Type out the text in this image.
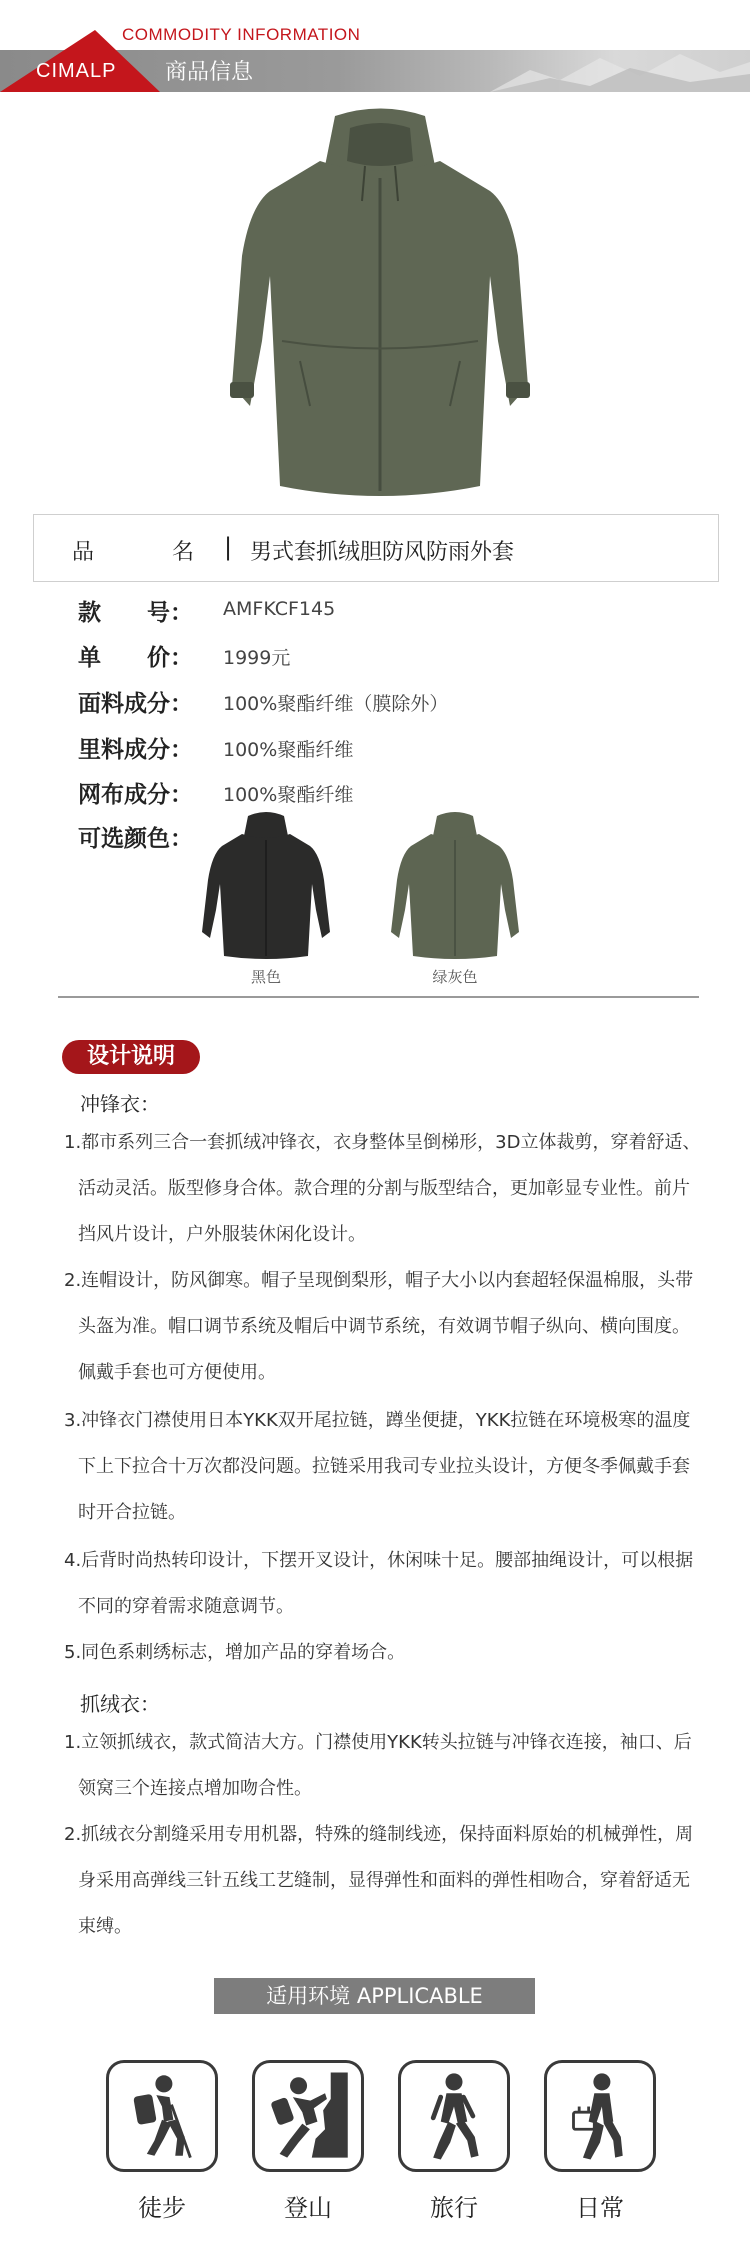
COMMODITY INFORMATION
CIMALP 商品信息
品　名 | 男式套抓绒胆防风防雨外套
款　　号：	AMFKCF145
单　　价：	1999元
面料成分：	100%聚酯纤维（膜除外）
里料成分：	100%聚酯纤维
网布成分：	100%聚酯纤维
可选颜色：
黑色	绿灰色
设计说明
冲锋衣：
1.都市系列三合一套抓绒冲锋衣，衣身整体呈倒梯形，3D立体裁剪，穿着舒适、活动灵活。版型修身合体。款合理的分割与版型结合，更加彰显专业性。前片挡风片设计，户外服装休闲化设计。
2.连帽设计，防风御寒。帽子呈现倒梨形，帽子大小以内套超轻保温棉服，头带头盔为准。帽口调节系统及帽后中调节系统，有效调节帽子纵向、横向围度。佩戴手套也可方便使用。
3.冲锋衣门襟使用日本YKK双开尾拉链，蹲坐便捷，YKK拉链在环境极寒的温度下上下拉合十万次都没问题。拉链采用我司专业拉头设计，方便冬季佩戴手套时开合拉链。
4.后背时尚热转印设计，下摆开叉设计，休闲味十足。腰部抽绳设计，可以根据不同的穿着需求随意调节。
5.同色系刺绣标志，增加产品的穿着场合。
抓绒衣：
1.立领抓绒衣，款式简洁大方。门襟使用YKK转头拉链与冲锋衣连接，袖口、后领窝三个连接点增加吻合性。
2.抓绒衣分割缝采用专用机器，特殊的缝制线迹，保持面料原始的机械弹性，周身采用高弹线三针五线工艺缝制，显得弹性和面料的弹性相吻合，穿着舒适无束缚。
适用环境 APPLICABLE
徒步	登山	旅行	日常
